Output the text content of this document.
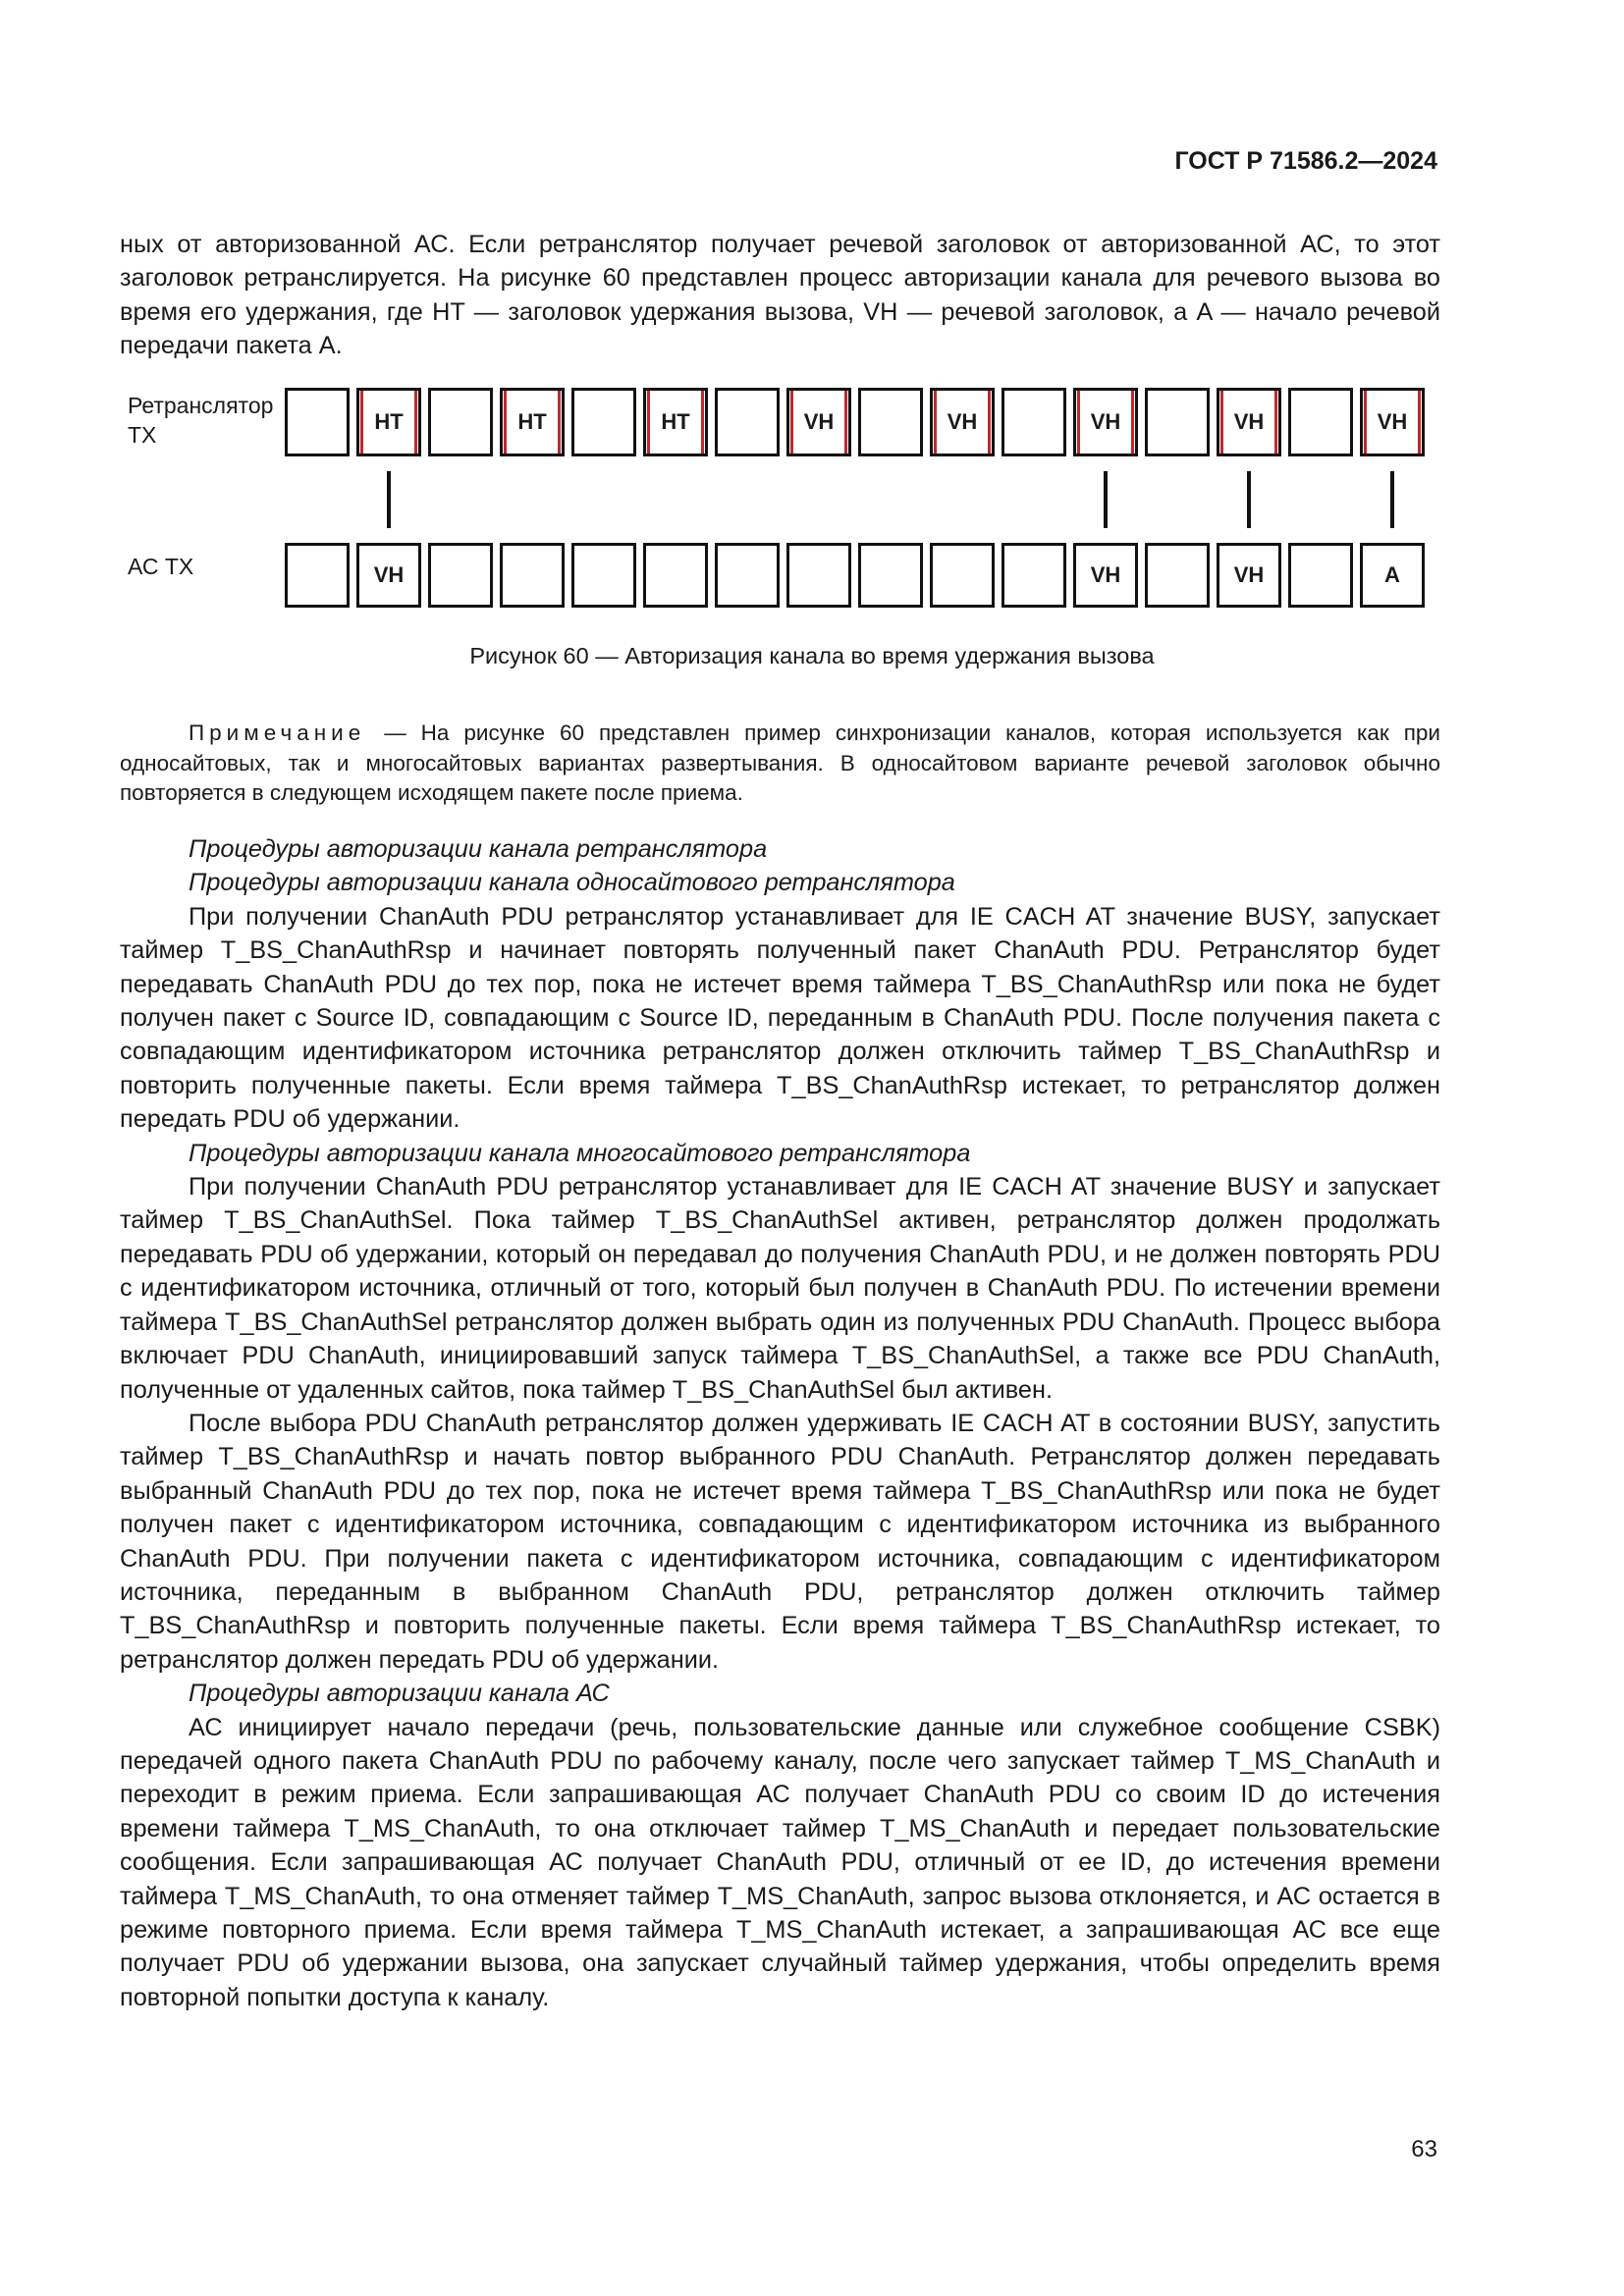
ГОСТ Р 71586.2—2024

ных от авторизованной АС. Если ретранслятор получает речевой заголовок от авторизованной АС, то этот заголовок ретранслируется. На рисунке 60 представлен процесс авторизации канала для речевого вызова во время его удержания, где HT — заголовок удержания вызова, VH — речевой заголовок, а A — начало речевой передачи пакета A.

Ретранслятор TX
АС TX
HT	HT	HT	VH	VH	VH	VH	VH
VH	VH	VH	A
Рисунок 60 — Авторизация канала во время удержания вызова

Примечание — На рисунке 60 представлен пример синхронизации каналов, которая используется как при односайтовых, так и многосайтовых вариантах развертывания. В односайтовом варианте речевой заголовок обычно повторяется в следующем исходящем пакете после приема.

Процедуры авторизации канала ретранслятора

Процедуры авторизации канала односайтового ретранслятора

При получении ChanAuth PDU ретранслятор устанавливает для IE CACH AT значение BUSY, запускает таймер T_BS_ChanAuthRsp и начинает повторять полученный пакет ChanAuth PDU. Ретранслятор будет передавать ChanAuth PDU до тех пор, пока не истечет время таймера T_BS_ChanAuthRsp или пока не будет получен пакет с Source ID, совпадающим с Source ID, переданным в ChanAuth PDU. После получения пакета с совпадающим идентификатором источника ретранслятор должен отключить таймер T_BS_ChanAuthRsp и повторить полученные пакеты. Если время таймера T_BS_ChanAuthRsp истекает, то ретранслятор должен передать PDU об удержании.

Процедуры авторизации канала многосайтового ретранслятора

При получении ChanAuth PDU ретранслятор устанавливает для IE CACH AT значение BUSY и запускает таймер T_BS_ChanAuthSel. Пока таймер T_BS_ChanAuthSel активен, ретранслятор должен продолжать передавать PDU об удержании, который он передавал до получения ChanAuth PDU, и не должен повторять PDU с идентификатором источника, отличный от того, который был получен в ChanAuth PDU. По истечении времени таймера T_BS_ChanAuthSel ретранслятор должен выбрать один из полученных PDU ChanAuth. Процесс выбора включает PDU ChanAuth, инициировавший запуск таймера T_BS_ChanAuthSel, а также все PDU ChanAuth, полученные от удаленных сайтов, пока таймер T_BS_ChanAuthSel был активен.

После выбора PDU ChanAuth ретранслятор должен удерживать IE CACH AT в состоянии BUSY, запустить таймер T_BS_ChanAuthRsp и начать повтор выбранного PDU ChanAuth. Ретранслятор должен передавать выбранный ChanAuth PDU до тех пор, пока не истечет время таймера T_BS_ChanAuthRsp или пока не будет получен пакет с идентификатором источника, совпадающим с идентификатором источника из выбранного ChanAuth PDU. При получении пакета с идентификатором источника, совпадающим с идентификатором источника, переданным в выбранном ChanAuth PDU, ретранслятор должен отключить таймер T_BS_ChanAuthRsp и повторить полученные пакеты. Если время таймера T_BS_ChanAuthRsp истекает, то ретранслятор должен передать PDU об удержании.

Процедуры авторизации канала АС

АС инициирует начало передачи (речь, пользовательские данные или служебное сообщение CSBK) передачей одного пакета ChanAuth PDU по рабочему каналу, после чего запускает таймер T_MS_ChanAuth и переходит в режим приема. Если запрашивающая АС получает ChanAuth PDU со своим ID до истечения времени таймера T_MS_ChanAuth, то она отключает таймер T_MS_ChanAuth и передает пользовательские сообщения. Если запрашивающая АС получает ChanAuth PDU, отличный от ее ID, до истечения времени таймера T_MS_ChanAuth, то она отменяет таймер T_MS_ChanAuth, запрос вызова отклоняется, и АС остается в режиме повторного приема. Если время таймера T_MS_ChanAuth истекает, а запрашивающая АС все еще получает PDU об удержании вызова, она запускает случайный таймер удержания, чтобы определить время повторной попытки доступа к каналу.

63
